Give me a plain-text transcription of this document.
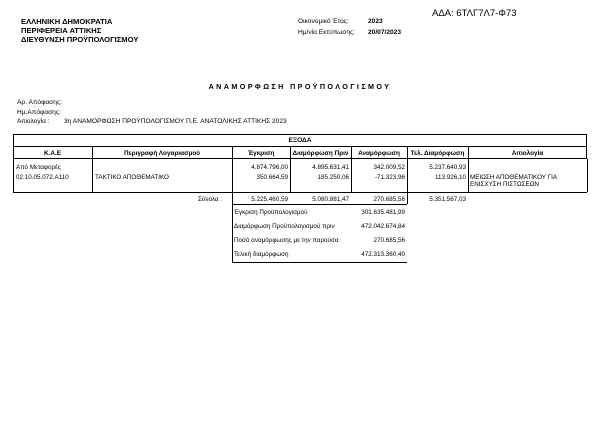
ΑΔΑ: 6ΤΛΓ7Λ7-Φ73
ΕΛΛΗΝΙΚΗ ΔΗΜΟΚΡΑΤΙΑ
ΠΕΡΙΦΕΡΕΙΑ ΑΤΤΙΚΗΣ
ΔΙΕΥΘΥΝΣΗ ΠΡΟΫΠΟΛΟΓΙΣΜΟΥ
Οικονομικό Έτος:	2023
Ημ/νία Εκτύπωσης: 20/07/2023
ΑΝΑΜΟΡΦΩΣΗ ΠΡΟΫΠΟΛΟΓΙΣΜΟΥ
Αρ. Απόφασης:
Ημ.Απόφασης:
Αιτιολογία : 3η ΑΝΑΜΟΡΦΩΣΗ ΠΡΟΫΠΟΛΟΓΙΣΜΟΥ Π.Ε. ΑΝΑΤΟΛΙΚΗΣ ΑΤΤΙΚΗΣ 2023
ΕΞΟΔΑ
Κ.Α.Ε	Περιγραφή Λογαριασμού	Έγκριση	Διαμόρφωση Πριν	Αναμόρφωση	Τελ. Διαμόρφωση	Αιτιολογία
Από Μεταφορές	4.874.796,00	4.895.631,41	342.009,52	5.237.640,93
02.10.05.072.Α110	ΤΑΚΤΙΚΟ ΑΠΟΘΕΜΑΤΙΚΟ	350.664,59	185.250,06	-71.323,96	113.926,10 ΜΕΙΩΣΗ ΑΠΟΘΕΜΑΤΙΚΟΥ ΓΙΑ
ΕΝΙΣΧΥΣΗ ΠΙΣΤΩΣΕΩΝ
Σύνολα :	5.225.460,59	5.080.881,47	270.685,56	5.351.567,03
Έγκριση Προϋπολογισμού	301.635.481,99
Διαμόρφωση Προϋπολογισμού πριν	472.042.674,84
Ποσό αναμόρφωσης με την παρούσα	270.685,56
Τελική διαμόρφωση	472.313.360,40
